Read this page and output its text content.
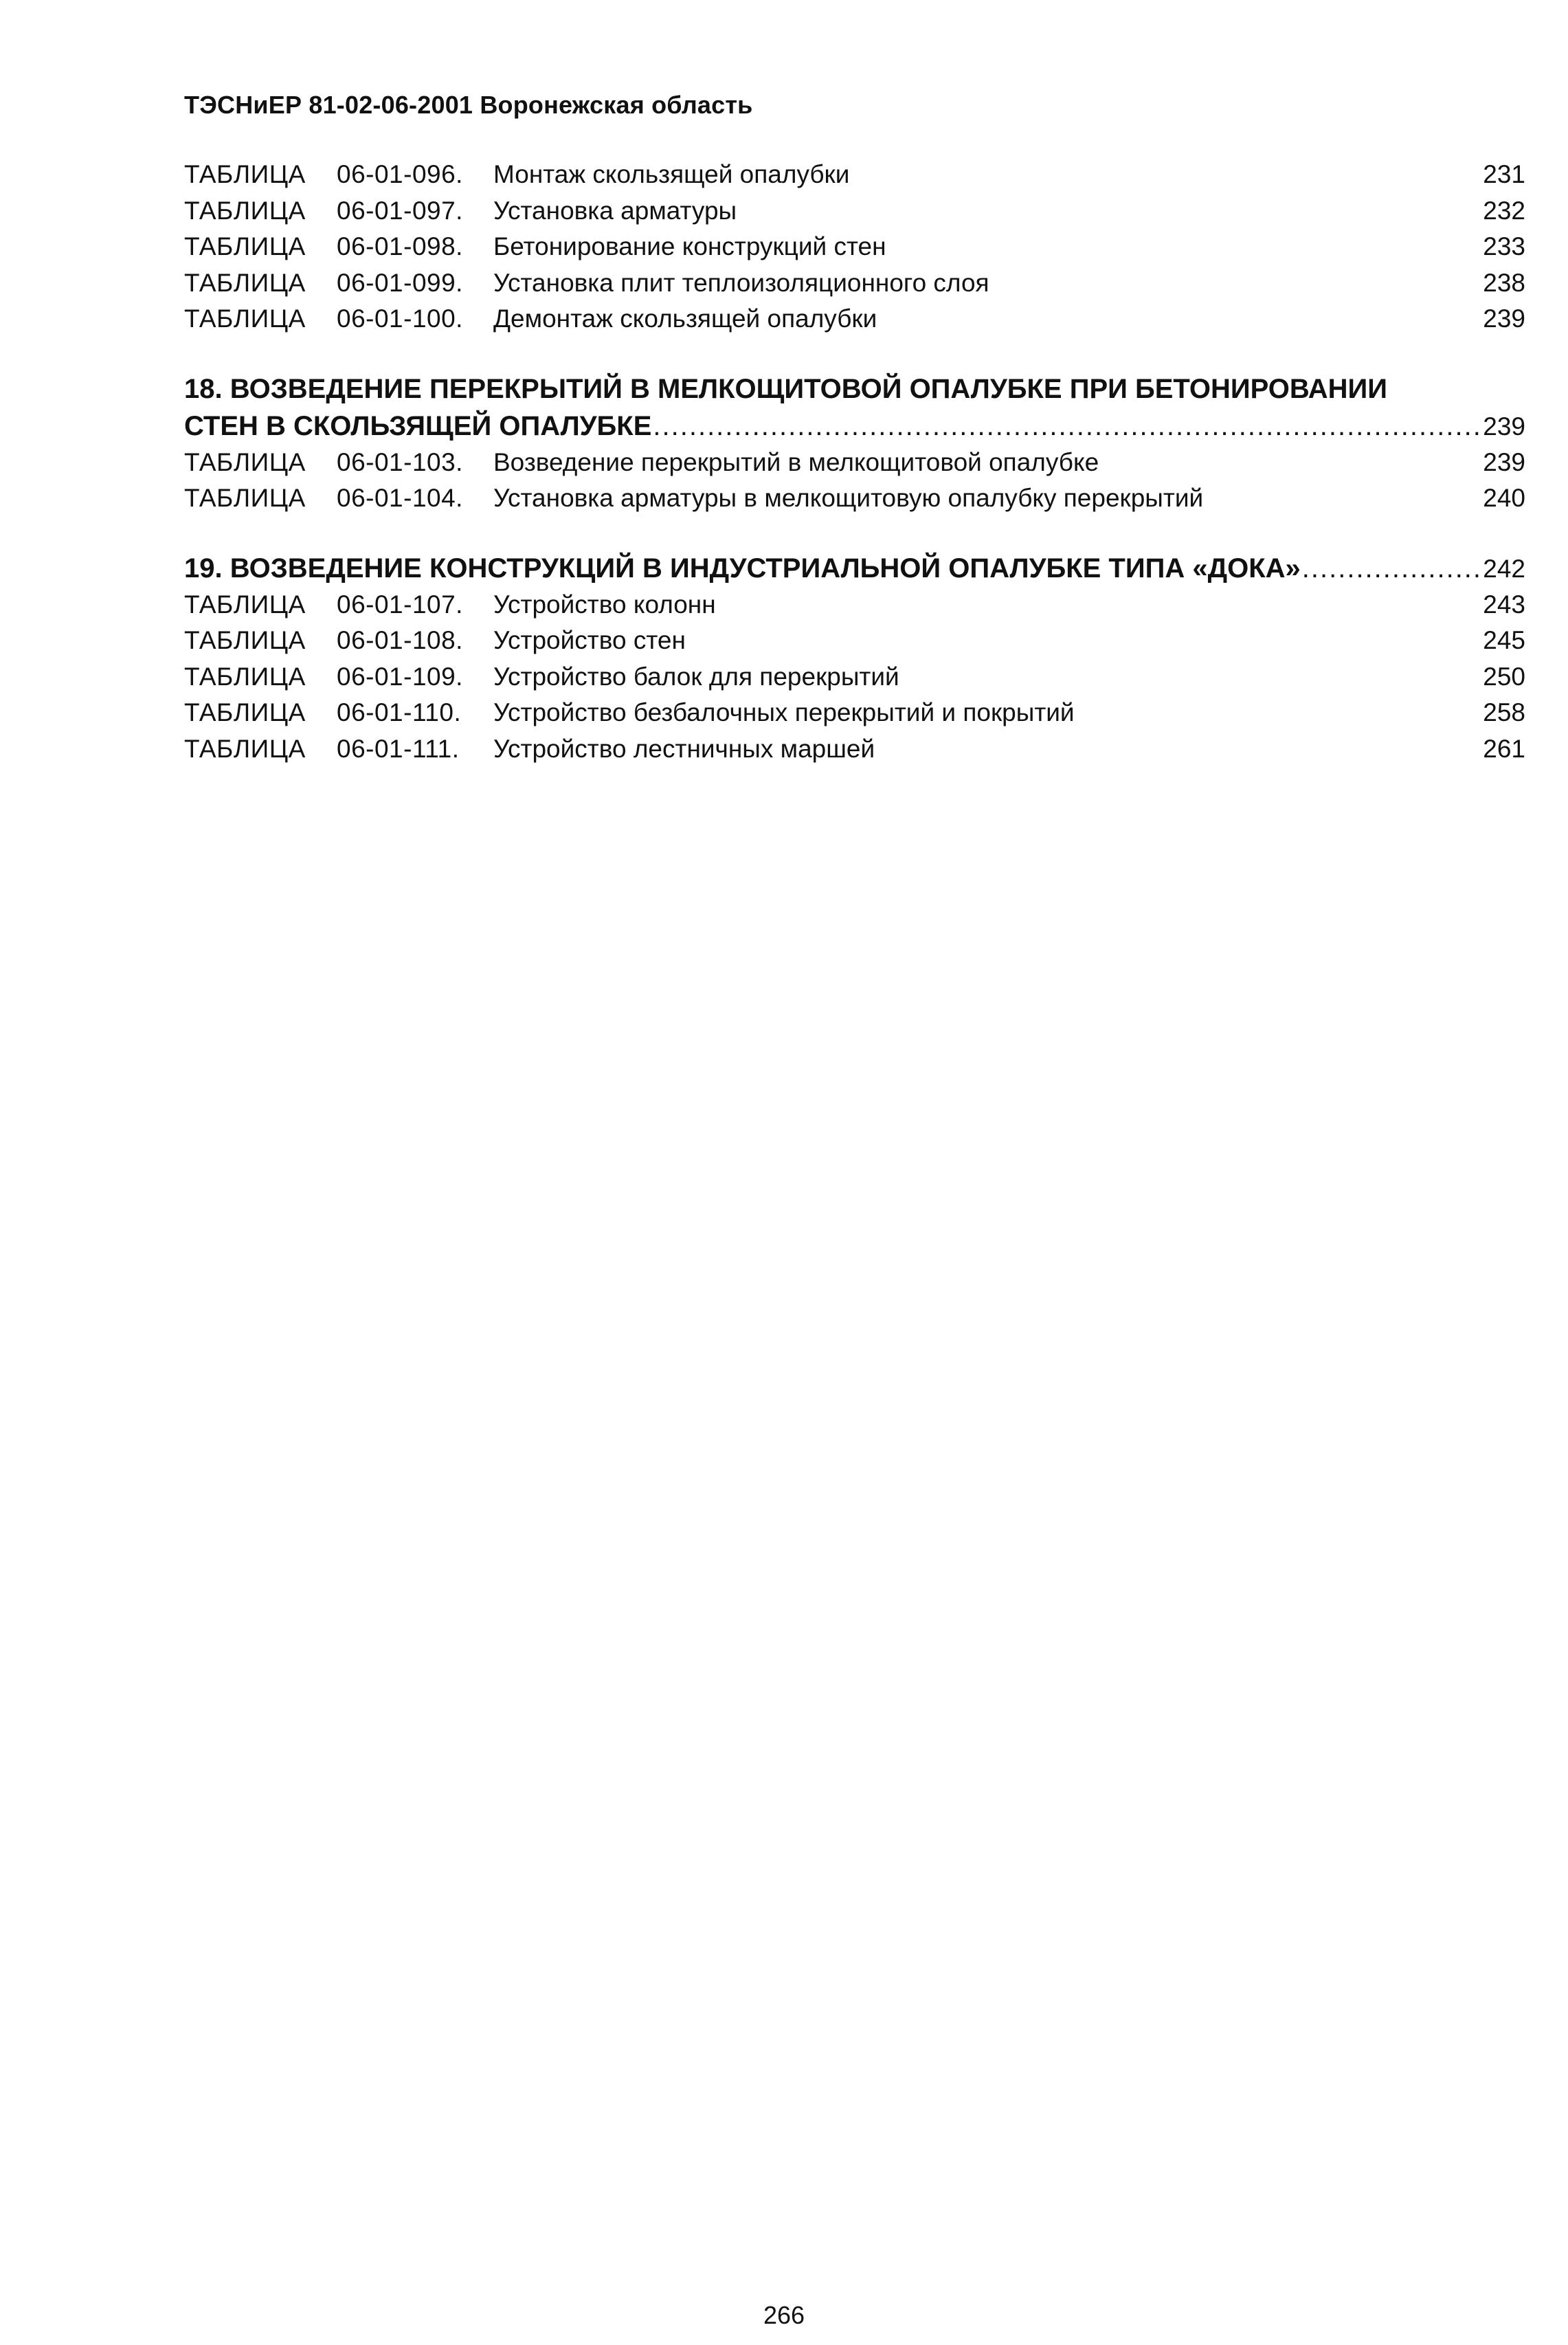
ТЭСНиЕР 81-02-06-2001 Воронежская область
ТАБЛИЦА	06-01-096.	Монтаж скользящей опалубки	231
ТАБЛИЦА	06-01-097.	Установка арматуры	232
ТАБЛИЦА	06-01-098.	Бетонирование конструкций стен	233
ТАБЛИЦА	06-01-099.	Установка плит теплоизоляционного слоя	238
ТАБЛИЦА	06-01-100.	Демонтаж скользящей опалубки	239
18. ВОЗВЕДЕНИЕ ПЕРЕКРЫТИЙ В МЕЛКОЩИТОВОЙ ОПАЛУБКЕ ПРИ БЕТОНИРОВАНИИ
СТЕН В СКОЛЬЗЯЩЕЙ ОПАЛУБКЕ .....	239
ТАБЛИЦА	06-01-103.	Возведение перекрытий в мелкощитовой опалубке	239
ТАБЛИЦА	06-01-104.	Установка арматуры в мелкощитовую опалубку перекрытий	240
19. ВОЗВЕДЕНИЕ КОНСТРУКЦИЙ В ИНДУСТРИАЛЬНОЙ ОПАЛУБКЕ ТИПА «ДОКА» .....	242
ТАБЛИЦА	06-01-107.	Устройство колонн	243
ТАБЛИЦА	06-01-108.	Устройство стен	245
ТАБЛИЦА	06-01-109.	Устройство балок для перекрытий	250
ТАБЛИЦА	06-01-110.	Устройство безбалочных перекрытий и покрытий	258
ТАБЛИЦА	06-01-111.	Устройство лестничных маршей	261
266
